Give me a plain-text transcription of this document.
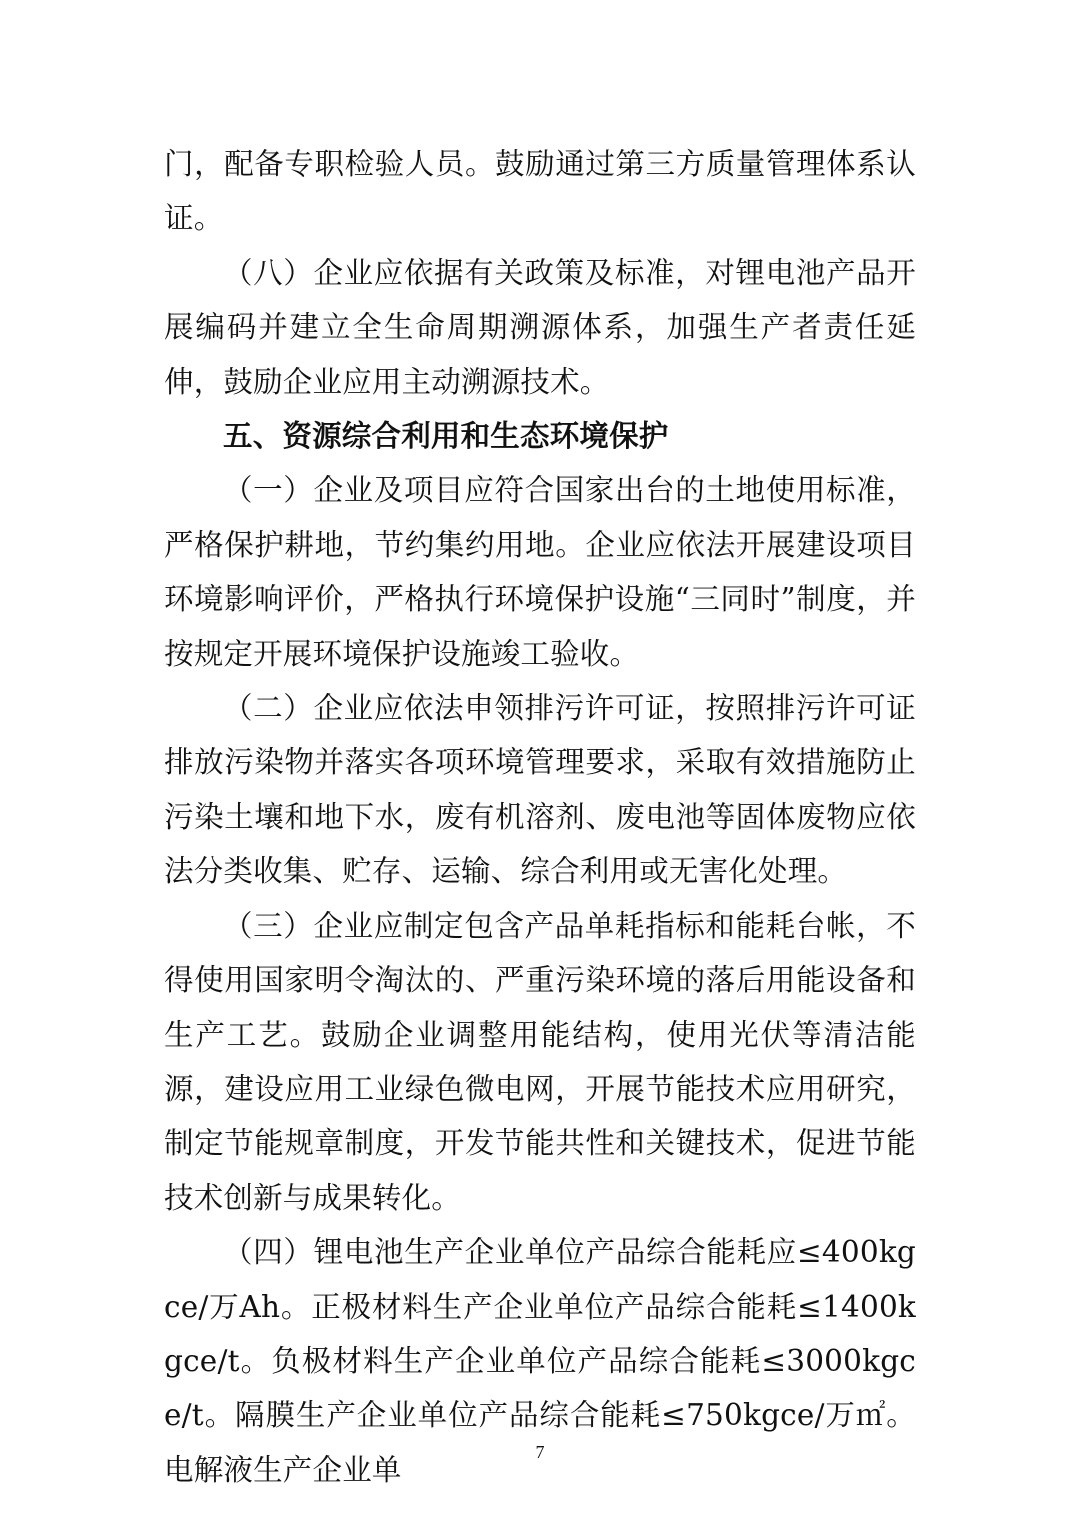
门，配备专职检验人员。鼓励通过第三方质量管理体系认证。

（八）企业应依据有关政策及标准，对锂电池产品开展编码并建立全生命周期溯源体系，加强生产者责任延伸，鼓励企业应用主动溯源技术。

五、资源综合利用和生态环境保护

（一）企业及项目应符合国家出台的土地使用标准，严格保护耕地，节约集约用地。企业应依法开展建设项目环境影响评价，严格执行环境保护设施“三同时”制度，并按规定开展环境保护设施竣工验收。

（二）企业应依法申领排污许可证，按照排污许可证排放污染物并落实各项环境管理要求，采取有效措施防止污染土壤和地下水，废有机溶剂、废电池等固体废物应依法分类收集、贮存、运输、综合利用或无害化处理。

（三）企业应制定包含产品单耗指标和能耗台帐，不得使用国家明令淘汰的、严重污染环境的落后用能设备和生产工艺。鼓励企业调整用能结构，使用光伏等清洁能源，建设应用工业绿色微电网，开展节能技术应用研究，制定节能规章制度，开发节能共性和关键技术，促进节能技术创新与成果转化。

（四）锂电池生产企业单位产品综合能耗应≤400kgce/万Ah。正极材料生产企业单位产品综合能耗≤1400kgce/t。负极材料生产企业单位产品综合能耗≤3000kgce/t。隔膜生产企业单位产品综合能耗≤750kgce/万㎡。电解液生产企业单

7
